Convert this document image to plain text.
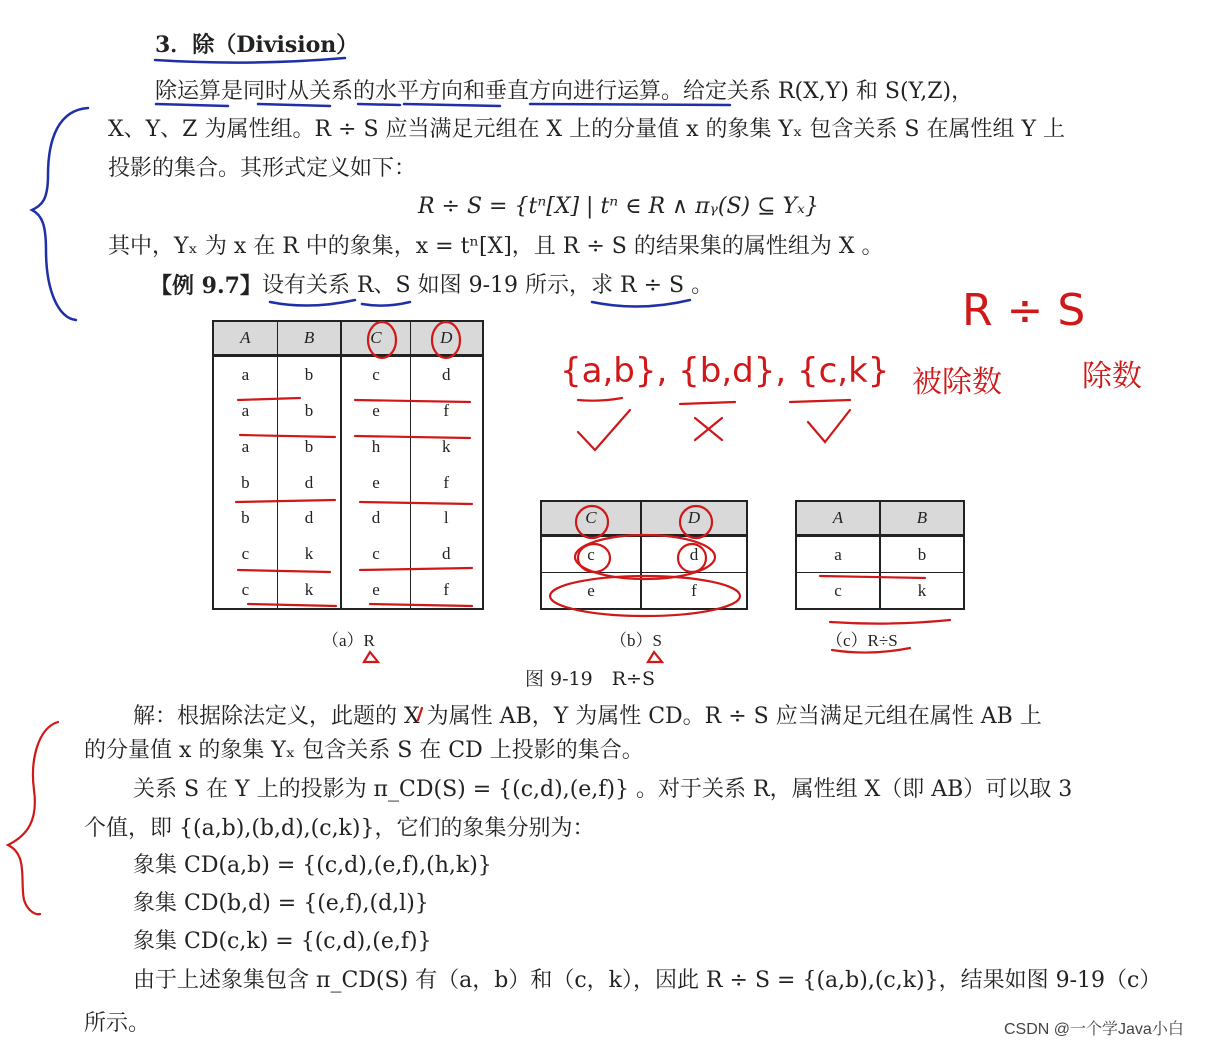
3．除（Division）
除运算是同时从关系的水平方向和垂直方向进行运算。给定关系 R(X,Y) 和 S(Y,Z)，
X、Y、Z 为属性组。R ÷ S 应当满足元组在 X 上的分量值 x 的象集 Yₓ 包含关系 S 在属性组 Y 上
投影的集合。其形式定义如下：
R ÷ S = {tⁿ[X] | tⁿ ∈ R ∧ πᵧ(S) ⊆ Yₓ}
其中，Yₓ 为 x 在 R 中的象集，x = tⁿ[X]，且 R ÷ S 的结果集的属性组为 X 。
【例 9.7】 设有关系 R、S 如图 9-19 所示，求 R ÷ S 。
A	B	C	D
a	b	c	d
a	b	e	f
a	b	h	k
b	d	e	f
b	d	d	l
c	k	c	d
c	k	e	f
（a）R
C	D
c	d
e	f
（b）S
A	B
a	b
c	k
（c）R÷S
图 9-19　R÷S
解：根据除法定义，此题的 X 为属性 AB，Y 为属性 CD。R ÷ S 应当满足元组在属性 AB 上
的分量值 x 的象集 Yₓ 包含关系 S 在 CD 上投影的集合。
关系 S 在 Y 上的投影为 π_CD(S) = {(c,d),(e,f)} 。对于关系 R，属性组 X（即 AB）可以取 3
个值，即 {(a,b),(b,d),(c,k)}，它们的象集分别为：
象集 CD(a,b) = {(c,d),(e,f),(h,k)}
象集 CD(b,d) = {(e,f),(d,l)}
象集 CD(c,k) = {(c,d),(e,f)}
由于上述象集包含 π_CD(S) 有（a，b）和（c，k），因此 R ÷ S = {(a,b),(c,k)}，结果如图 9-19（c）
所示。	CSDN @一个学Java小白
R ÷ S
{a,b}, {b,d}, {c,k} 被除数	除数
